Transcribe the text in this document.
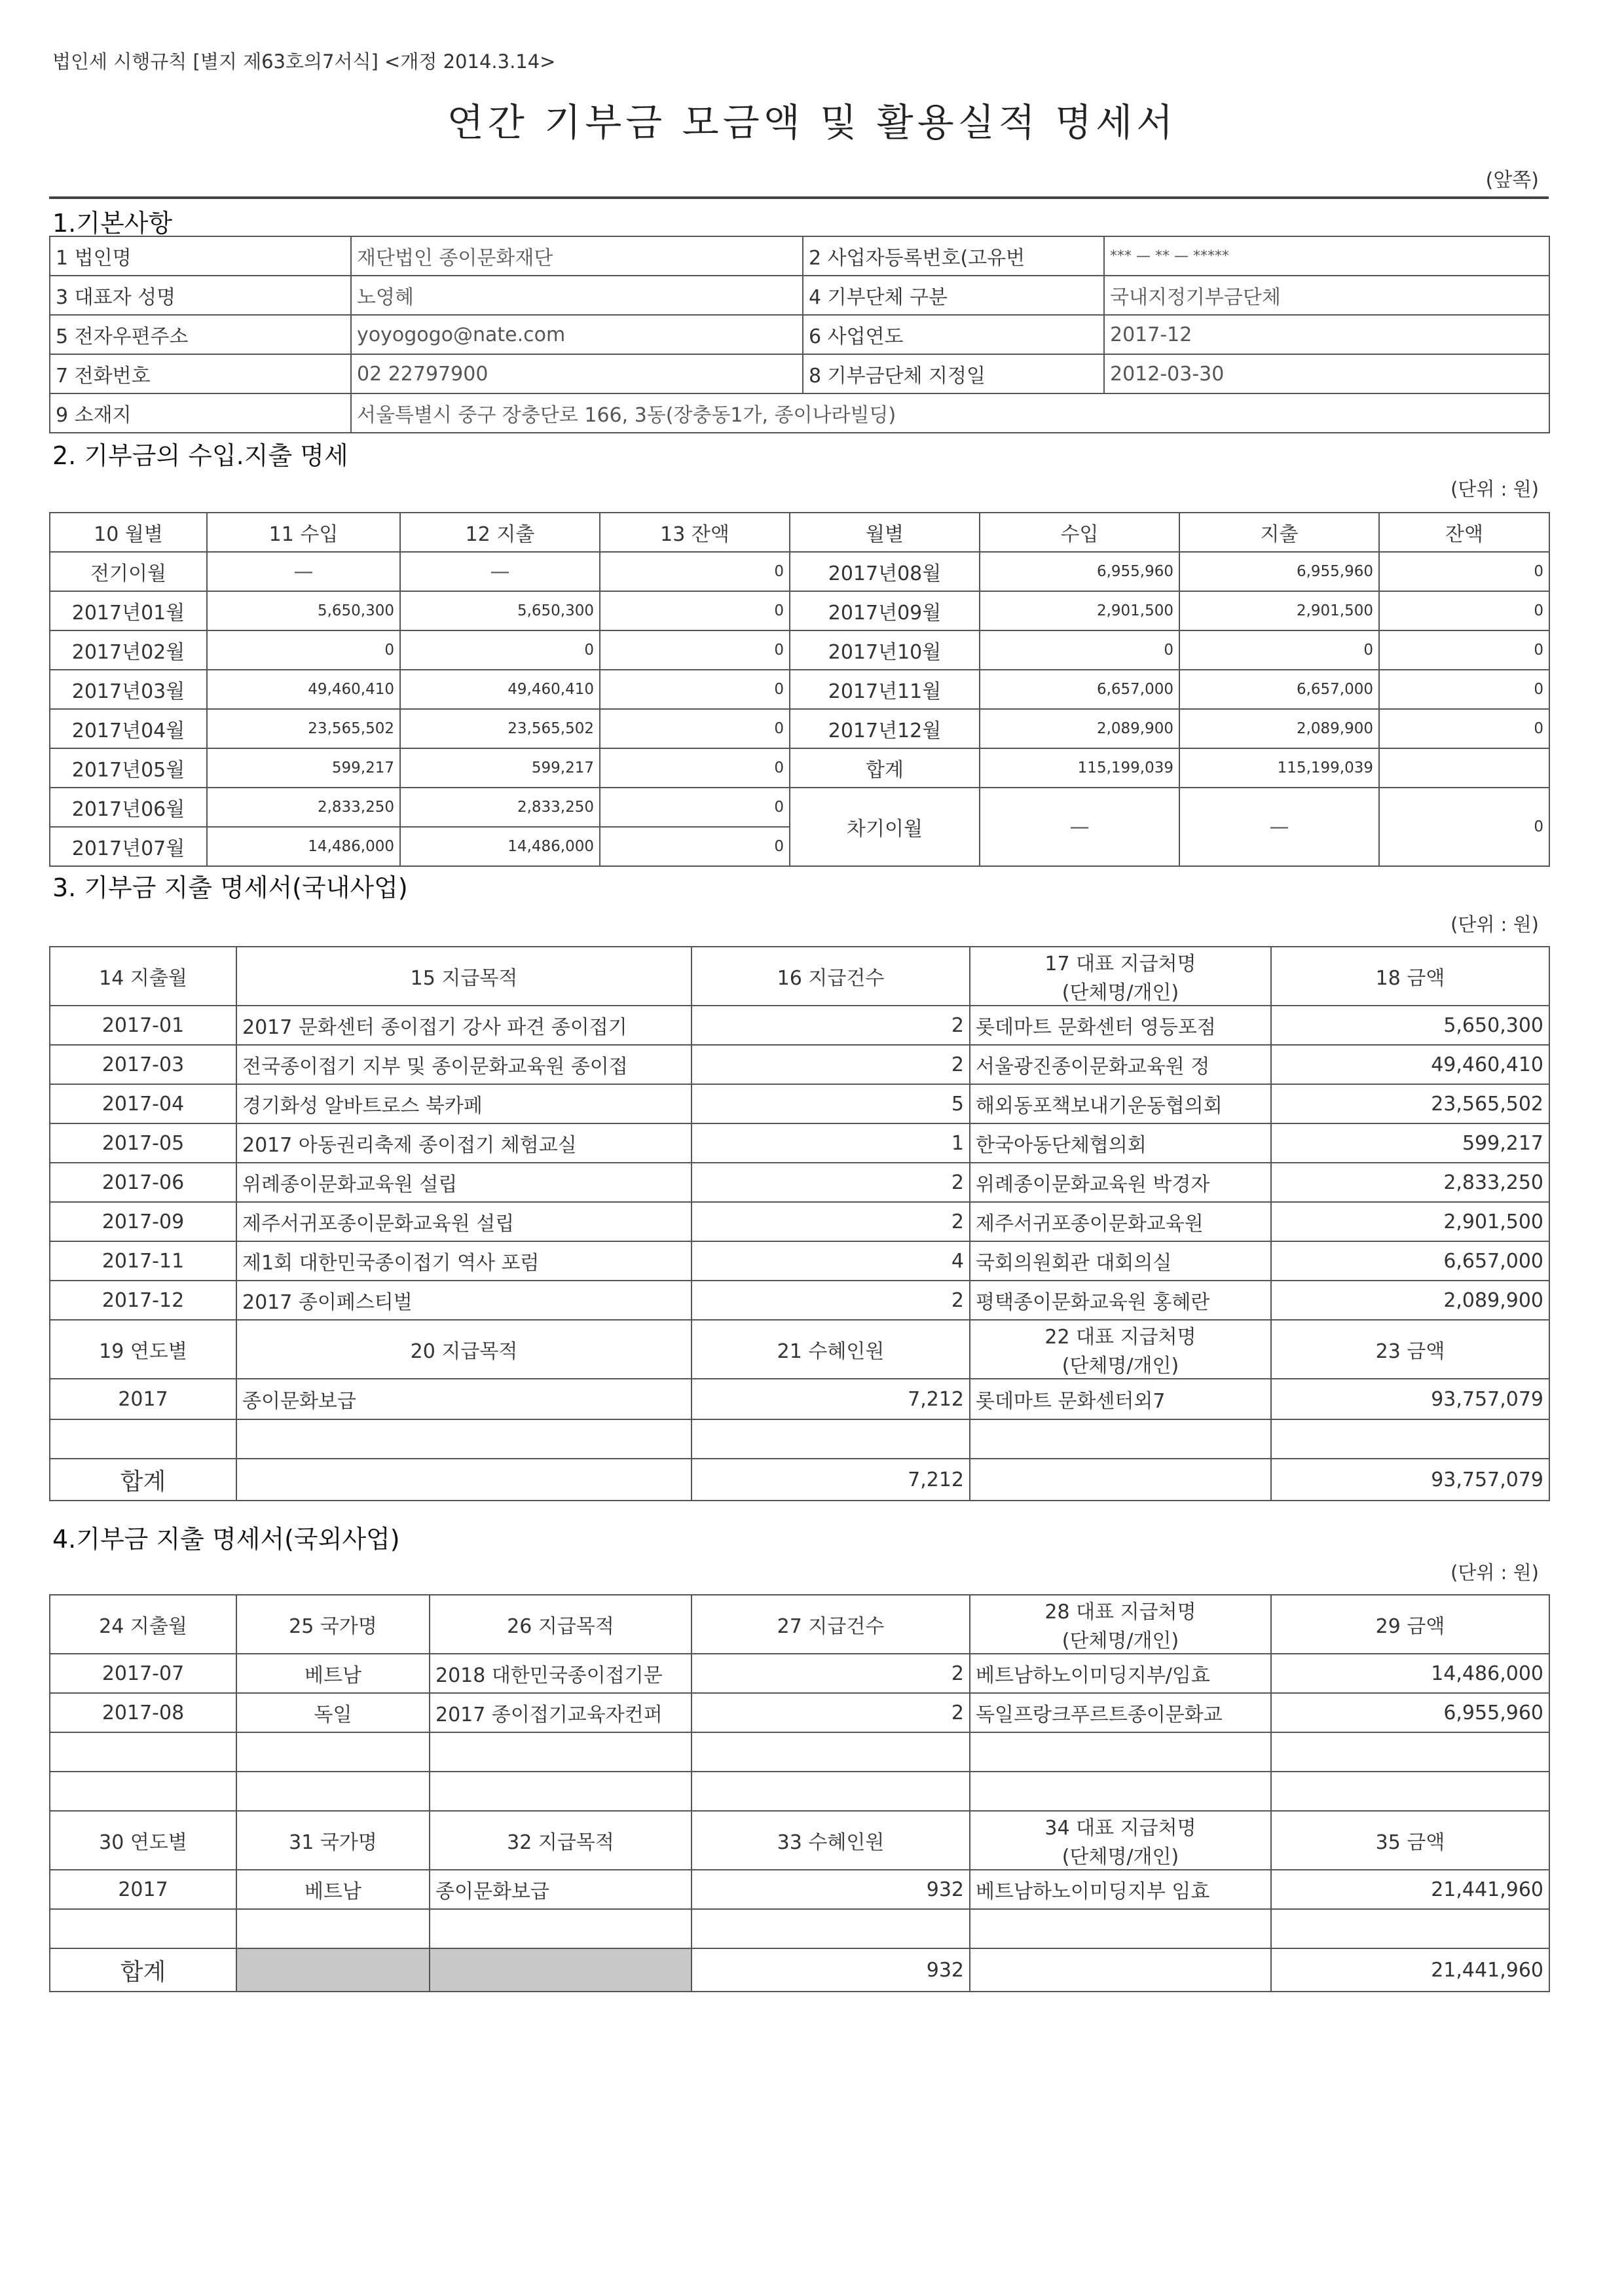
법인세 시행규칙 [별지 제63호의7서식] <개정 2014.3.14>
연간 기부금 모금액 및 활용실적 명세서
(앞쪽)
1.기본사항
1 법인명	재단법인 종이문화재단	2 사업자등록번호(고유번	*** — ** — *****
3 대표자 성명	노영혜	4 기부단체 구분	국내지정기부금단체
5 전자우편주소	yoyogogo@nate.com	6 사업연도	2017-12
7 전화번호	02 22797900	8 기부금단체 지정일	2012-03-30
9 소재지	서울특별시 중구 장충단로 166, 3동(장충동1가, 종이나라빌딩)		
2. 기부금의 수입.지출 명세
(단위 : 원)
10 월별	11 수입	12 지출	13 잔액	월별	수입	지출	잔액
전기이월	—	—	0	2017년08월	6,955,960	6,955,960	0
2017년01월	5,650,300	5,650,300	0	2017년09월	2,901,500	2,901,500	0
2017년02월	0	0	0	2017년10월	0	0	0
2017년03월	49,460,410	49,460,410	0	2017년11월	6,657,000	6,657,000	0
2017년04월	23,565,502	23,565,502	0	2017년12월	2,089,900	2,089,900	0
2017년05월	599,217	599,217	0	합계	115,199,039	115,199,039	
2017년06월	2,833,250	2,833,250	0	차기이월	—	—	0
2017년07월	14,486,000	14,486,000	0				
3. 기부금 지출 명세서(국내사업)
(단위 : 원)
14 지출월	15 지급목적	16 지급건수	17 대표 지급처명
(단체명/개인)	18 금액
2017-01	2017 문화센터 종이접기 강사 파견 종이접기	2	롯데마트 문화센터 영등포점	5,650,300
2017-03	전국종이접기 지부 및 종이문화교육원 종이접	2	서울광진종이문화교육원 정	49,460,410
2017-04	경기화성 알바트로스 북카페	5	해외동포책보내기운동협의회	23,565,502
2017-05	2017 아동권리축제 종이접기 체험교실	1	한국아동단체협의회	599,217
2017-06	위례종이문화교육원 설립	2	위례종이문화교육원 박경자	2,833,250
2017-09	제주서귀포종이문화교육원 설립	2	제주서귀포종이문화교육원	2,901,500
2017-11	제1회 대한민국종이접기 역사 포럼	4	국회의원회관 대회의실	6,657,000
2017-12	2017 종이페스티벌	2	평택종이문화교육원 홍혜란	2,089,900
19 연도별	20 지급목적	21 수혜인원	22 대표 지급처명
(단체명/개인)	23 금액
2017	종이문화보급	7,212	롯데마트 문화센터외7	93,757,079

합계		7,212		93,757,079
4.기부금 지출 명세서(국외사업)
(단위 : 원)
24 지출월	25 국가명	26 지급목적	27 지급건수	28 대표 지급처명
(단체명/개인)	29 금액
2017-07	베트남	2018 대한민국종이접기문	2	베트남하노이미딩지부/임효	14,486,000
2017-08	독일	2017 종이접기교육자컨퍼	2	독일프랑크푸르트종이문화교	6,955,960

30 연도별	31 국가명	32 지급목적	33 수혜인원	34 대표 지급처명
(단체명/개인)	35 금액
2017	베트남	종이문화보급	932	베트남하노이미딩지부 임효	21,441,960

합계			932		21,441,960
